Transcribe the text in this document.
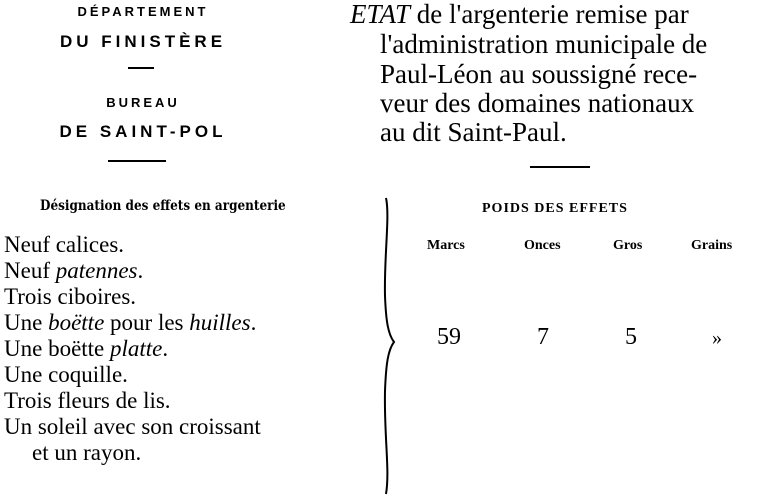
DÉPARTEMENT
DU FINISTÈRE
BUREAU
DE SAINT-POL
ETAT de l'argenterie remise par
l'administration municipale de
Paul-Léon au soussigné rece-
veur des domaines nationaux
au dit Saint-Paul.
Désignation des effets en argenterie	POIDS DES EFFETS
Marcs	Onces	Gros	Grains
Neuf calices.
Neuf patennes.
Trois ciboires.
Une boëtte pour les huilles.
Une boëtte platte.
Une coquille.
Trois fleurs de lis.
Un soleil avec son croissant
et un rayon.
59	7	5	»
